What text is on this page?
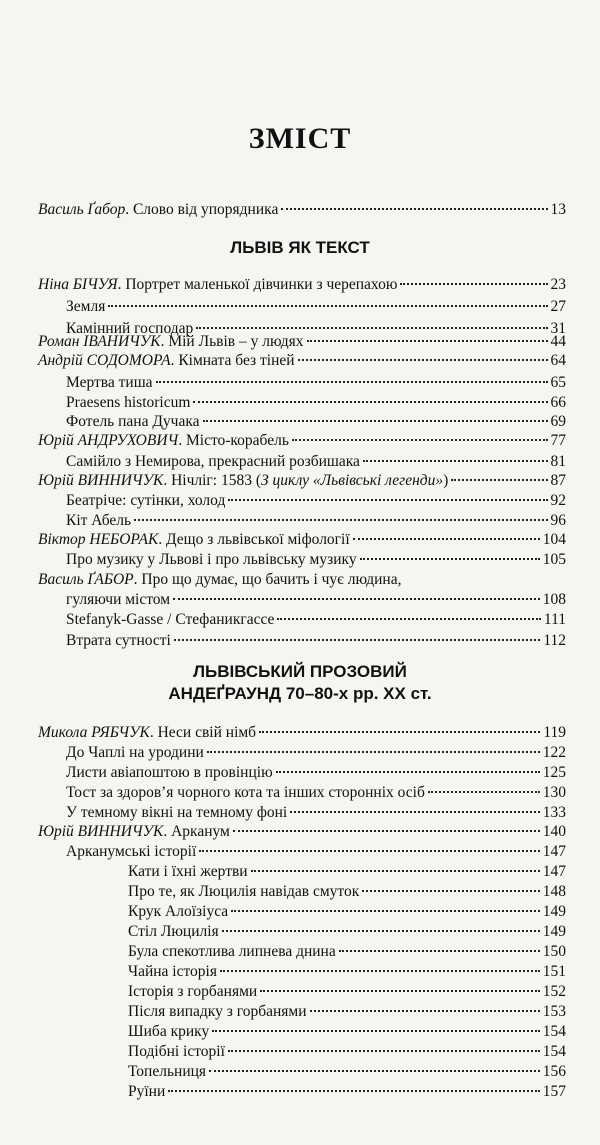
ЗМІСТ
Василь Ґабор. Слово від упорядника	13
ЛЬВІВ ЯК ТЕКСТ
Ніна БІЧУЯ. Портрет маленької дівчинки з черепахою	23
Земля	27
Камінний господар	31
Роман ІВАНИЧУК. Мій Львів – у людях	44
Андрій СОДОМОРА. Кімната без тіней	64
Мертва тиша	65
Praesens historicum	66
Фотель пана Дучака	69
Юрій АНДРУХОВИЧ. Місто-корабель	77
Самійло з Немирова, прекрасний розбишака	81
Юрій ВИННИЧУК. Нічліг: 1583 (З циклу «Львівські легенди»)	87
Беатріче: сутінки, холод	92
Кіт Абель	96
Віктор НЕБОРАК. Дещо з львівської міфології	104
Про музику у Львові і про львівську музику	105
Василь ҐАБОР. Про що думає, що бачить і чує людина,
гуляючи містом	108
Stefanyk-Gasse / Стефаникгассе	111
Втрата сутності	112
ЛЬВІВСЬКИЙ ПРОЗОВИЙ
АНДЕҐРАУНД 70–80-х рр. ХХ ст.
Микола РЯБЧУК. Неси свій німб	119
До Чаплі на уродини	122
Листи авіапоштою в провінцію	125
Тост за здоров’я чорного кота та інших сторонніх осіб	130
У темному вікні на темному фоні	133
Юрій ВИННИЧУК. Арканум	140
Арканумські історії	147
Кати і їхні жертви	147
Про те, як Люцилія навідав смуток	148
Крук Алоїзіуса	149
Стіл Люцилія	149
Була спекотлива липнева днина	150
Чайна історія	151
Історія з горбанями	152
Після випадку з горбанями	153
Шиба крику	154
Подібні історії	154
Топельниця	156
Руїни	157
